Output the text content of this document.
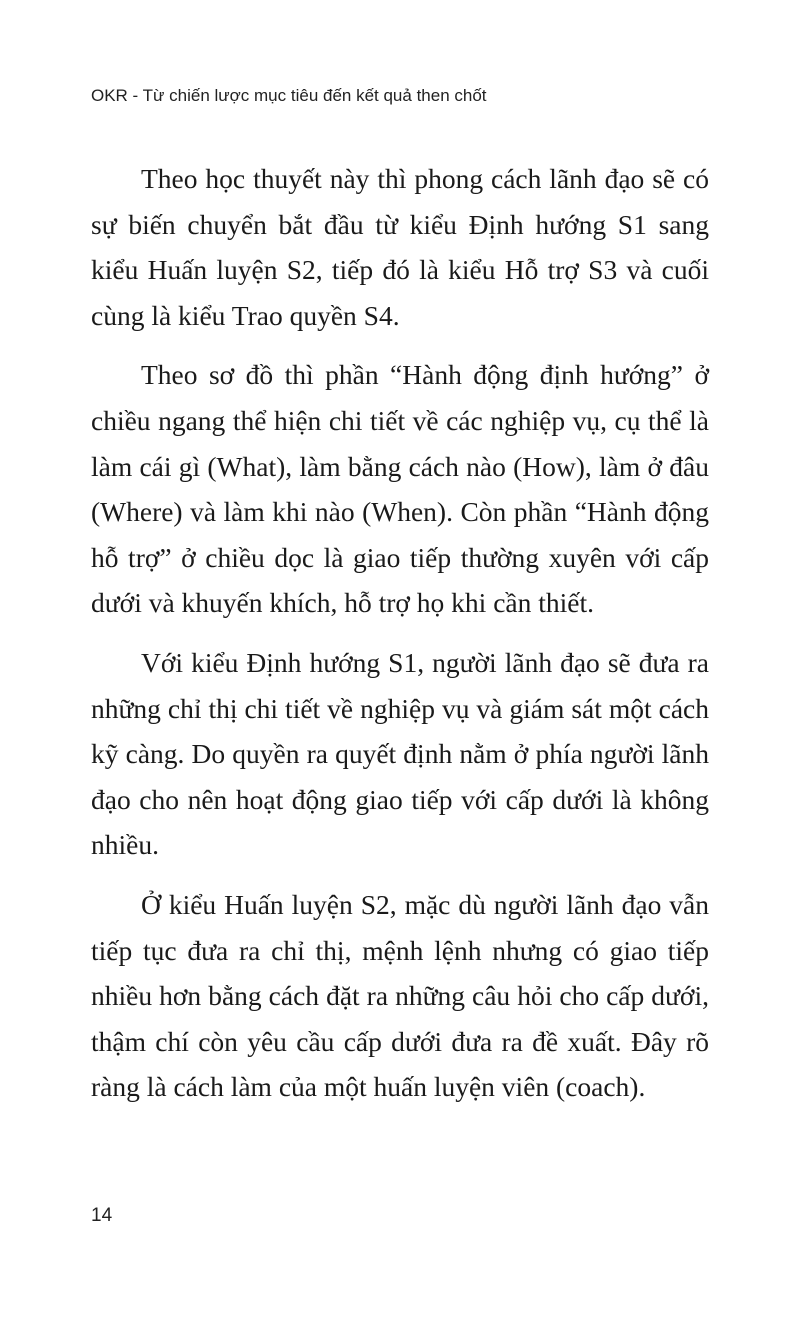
OKR - Từ chiến lược mục tiêu đến kết quả then chốt

Theo học thuyết này thì phong cách lãnh đạo sẽ có sự biến chuyển bắt đầu từ kiểu Định hướng S1 sang kiểu Huấn luyện S2, tiếp đó là kiểu Hỗ trợ S3 và cuối cùng là kiểu Trao quyền S4.

Theo sơ đồ thì phần “Hành động định hướng” ở chiều ngang thể hiện chi tiết về các nghiệp vụ, cụ thể là làm cái gì (What), làm bằng cách nào (How), làm ở đâu (Where) và làm khi nào (When). Còn phần “Hành động hỗ trợ” ở chiều dọc là giao tiếp thường xuyên với cấp dưới và khuyến khích, hỗ trợ họ khi cần thiết.

Với kiểu Định hướng S1, người lãnh đạo sẽ đưa ra những chỉ thị chi tiết về nghiệp vụ và giám sát một cách kỹ càng. Do quyền ra quyết định nằm ở phía người lãnh đạo cho nên hoạt động giao tiếp với cấp dưới là không nhiều.

Ở kiểu Huấn luyện S2, mặc dù người lãnh đạo vẫn tiếp tục đưa ra chỉ thị, mệnh lệnh nhưng có giao tiếp nhiều hơn bằng cách đặt ra những câu hỏi cho cấp dưới, thậm chí còn yêu cầu cấp dưới đưa ra đề xuất. Đây rõ ràng là cách làm của một huấn luyện viên (coach).

14
